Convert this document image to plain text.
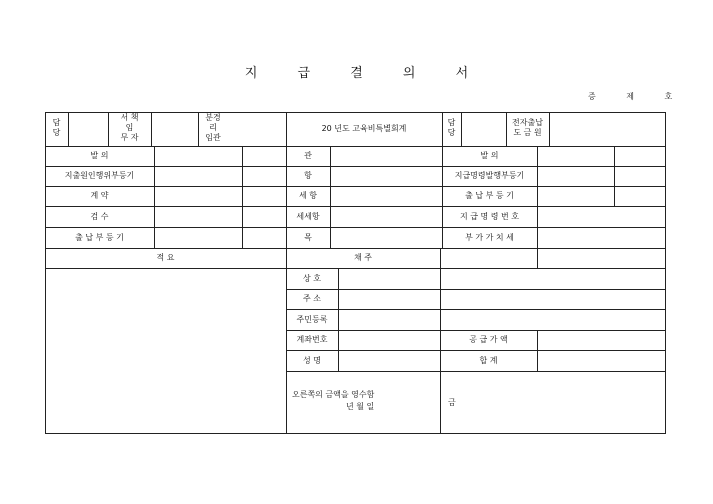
지 급 결 의 서
증 제 호
담
당
서 책
임
무 자
분경
리
임관
20 년도 고육비특별회계
담
당
전자출납
도 금 원
발 의
지출원인행위부등기
계 약
검 수
출 납 부 등 기
관
항
세 항
세세항
목
발 의
지급명령발행부등기
출 납 부 등 기
지 급 명 령 번 호
부 가 가 치 세
적 요	채 주
상 호
주 소
주민등록
계좌번호
성 명
공 급 가 액
합 계
오른쪽의 금액을 영수함
년 월 일	금
